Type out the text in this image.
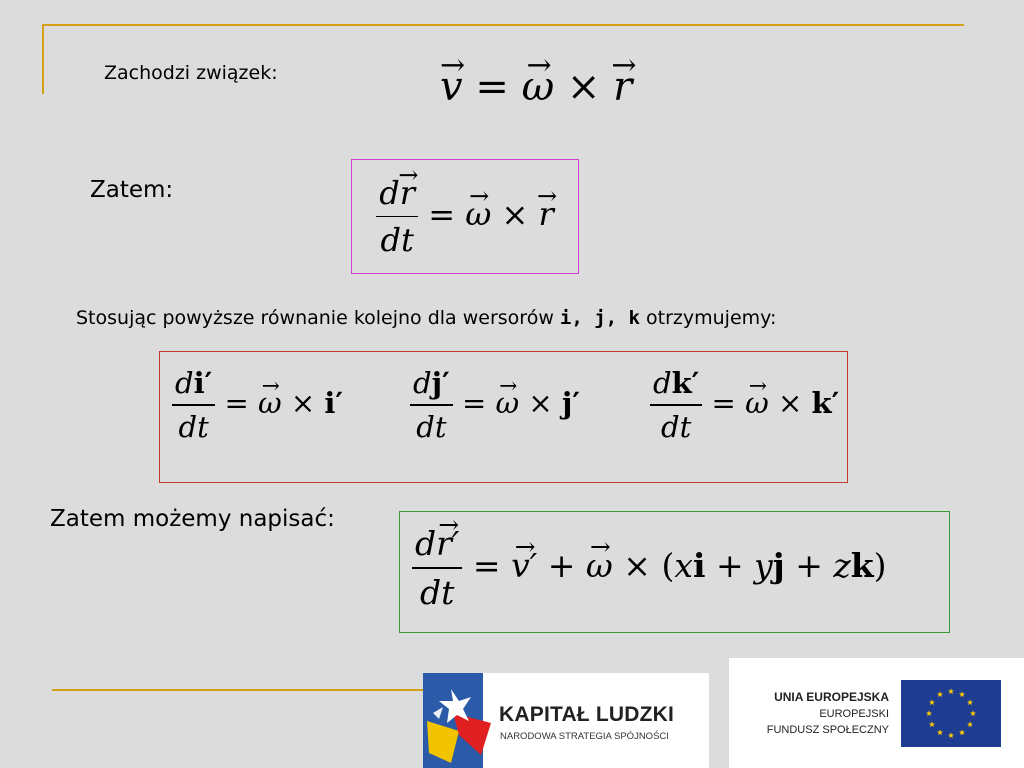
Zachodzi związek:	→ v = → ω × → r
Zatem:	$\frac{d\to r}{dt}$ = → ω × → r
Stosując powyższe równanie kolejno dla wersorów i, j, k otrzymujemy:
$\frac{di'}{dt}$ = → $\omega \times i' \frac{dj'}{dt}$ = → $\omega \times j' \frac{dk'}{dt}$ = → ω × k′
Zatem możemy napisać:
$\frac{d\to r'}{dt}$ = → v′ + → ω × (xi + yj + zk)
KAPITAŁ LUDZKI
NARODOWA STRATEGIA SPÓJNOŚCI
UNIA EUROPEJSKA
EUROPEJSKI
FUNDUSZ SPOŁECZNY
